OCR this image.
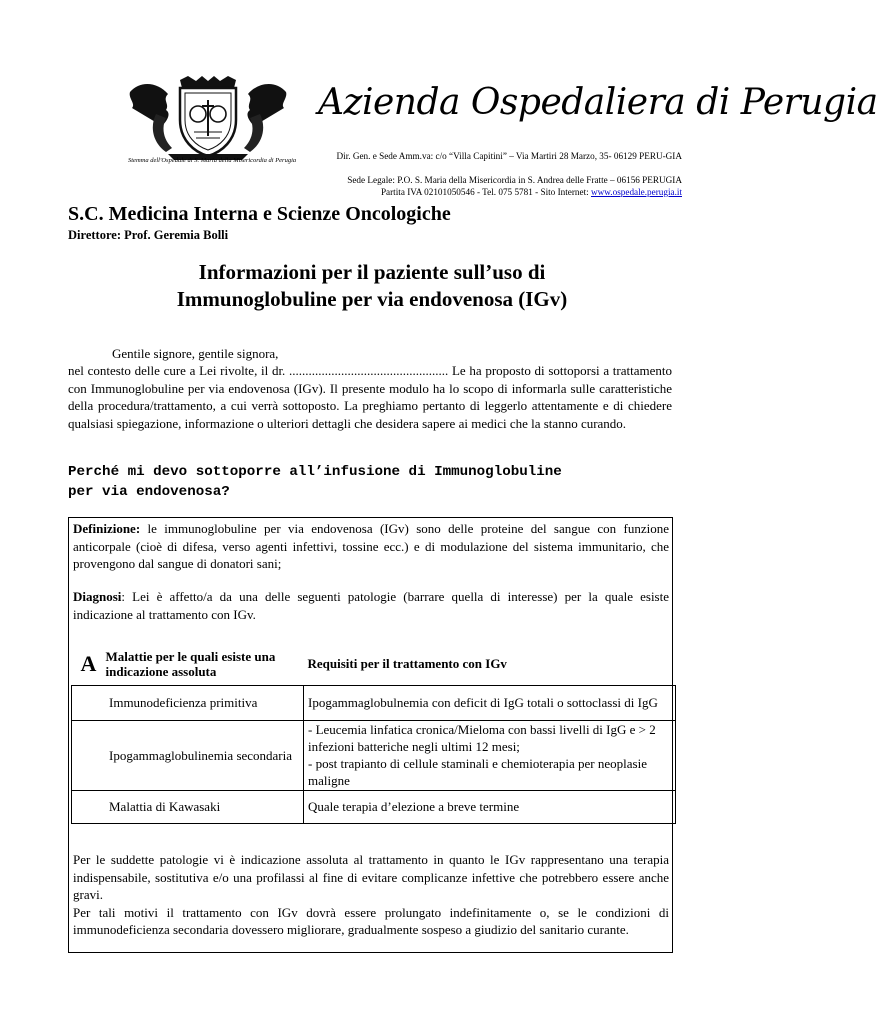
Stemma dell'Ospedale di S. Maria della Misericordia di Perugia
Azienda Ospedaliera di Perugia
Dir. Gen. e Sede Amm.va: c/o “Villa Capitini” – Via Martiri 28 Marzo, 35- 06129 PERU-GIA
Sede Legale: P.O. S. Maria della Misericordia in S. Andrea delle Fratte – 06156 PERUGIA
Partita IVA 02101050546 - Tel. 075 5781 - Sito Internet: www.ospedale.perugia.it
S.C. Medicina Interna e Scienze Oncologiche
Direttore: Prof. Geremia Bolli
Informazioni per il paziente sull’uso di
Immunoglobuline per via endovenosa (IGv)
Gentile signore, gentile signora,
nel contesto delle cure a Lei rivolte, il dr. ................................................. Le ha proposto di sottoporsi a trattamento con Immunoglobuline per via endovenosa (IGv). Il presente modulo ha lo scopo di informarla sulle caratteristiche della procedura/trattamento, a cui verrà sottoposto. La preghiamo pertanto di leggerlo attentamente e di chiedere qualsiasi spiegazione, informazione o ulteriori dettagli che desidera sapere ai medici che la stanno curando.
Perché mi devo sottoporre all’infusione di Immunoglobuline
per via endovenosa?
Definizione: le immunoglobuline per via endovenosa (IGv) sono delle proteine del sangue con funzione anticorpale (cioè di difesa, verso agenti infettivi, tossine ecc.) e di modulazione del sistema immunitario, che provengono dal sangue di donatori sani;
Diagnosi: Lei è affetto/a da una delle seguenti patologie (barrare quella di interesse) per la quale esiste indicazione al trattamento con IGv.
A	Malattie per le quali esiste una indicazione assoluta	Requisiti per il trattamento con IGv
Immunodeficienza primitiva		Ipogammaglobulnemia con deficit di IgG totali o sottoclassi di IgG
Ipogammaglobulinemia secondaria		- Leucemia linfatica cronica/Mieloma con bassi livelli di IgG e > 2 infezioni batteriche negli ultimi 12 mesi;
- post trapianto di cellule staminali e chemioterapia per neoplasie maligne
Malattia di Kawasaki		Quale terapia d’elezione a breve termine
Per le suddette patologie vi è indicazione assoluta al trattamento in quanto le IGv rappresentano una terapia indispensabile, sostitutiva e/o una profilassi al fine di evitare complicanze infettive che potrebbero essere anche gravi.
Per tali motivi il trattamento con IGv dovrà essere prolungato indefinitamente o, se le condizioni di immunodeficienza secondaria dovessero migliorare, gradualmente sospeso a giudizio del sanitario curante.
